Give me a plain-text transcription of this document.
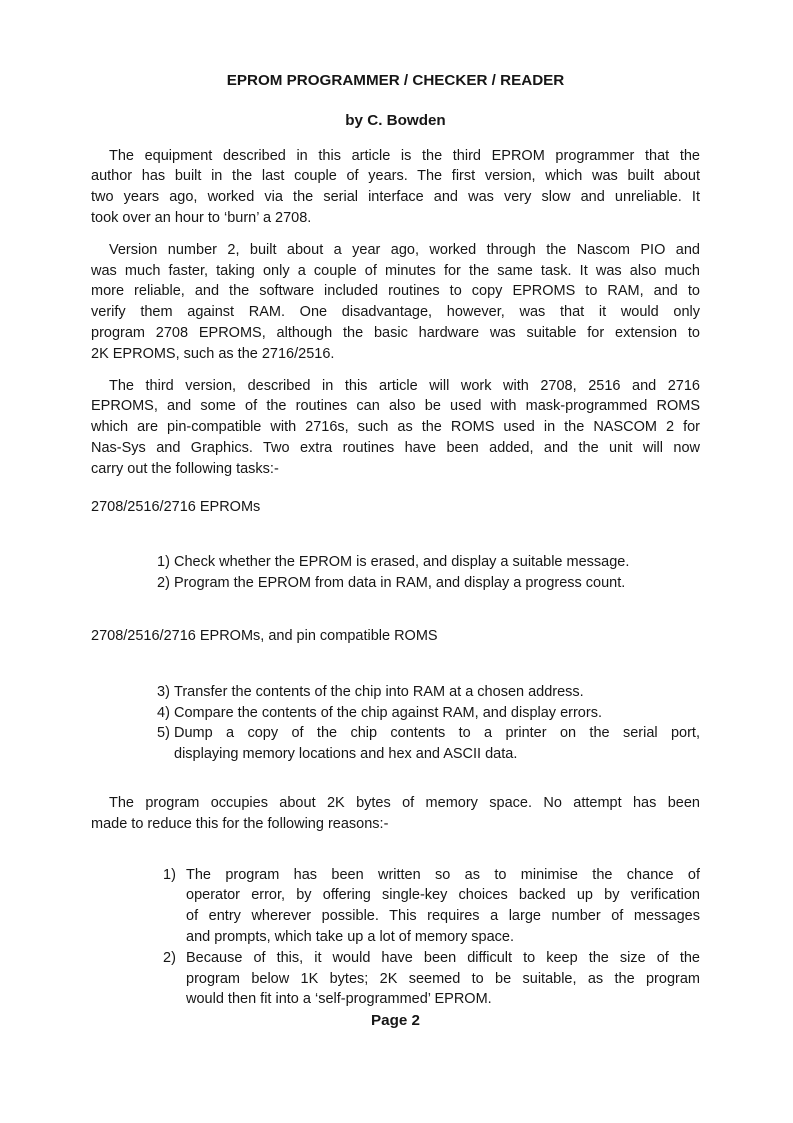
EPROM PROGRAMMER / CHECKER / READER
by C. Bowden
The equipment described in this article is the third EPROM programmer that the
author has built in the last couple of years. The first version, which was built about
two years ago, worked via the serial interface and was very slow and unreliable. It
took over an hour to ‘burn’ a 2708.
Version number 2, built about a year ago, worked through the Nascom PIO and
was much faster, taking only a couple of minutes for the same task. It was also much
more reliable, and the software included routines to copy EPROMS to RAM, and to
verify them against RAM. One disadvantage, however, was that it would only
program 2708 EPROMS, although the basic hardware was suitable for extension to
2K EPROMS, such as the 2716/2516.
The third version, described in this article will work with 2708, 2516 and 2716
EPROMS, and some of the routines can also be used with mask-programmed ROMS
which are pin-compatible with 2716s, such as the ROMS used in the NASCOM 2 for
Nas-Sys and Graphics. Two extra routines have been added, and the unit will now
carry out the following tasks:-
2708/2516/2716 EPROMs
1) Check whether the EPROM is erased, and display a suitable message.
2) Program the EPROM from data in RAM, and display a progress count.
2708/2516/2716 EPROMs, and pin compatible ROMS
3) Transfer the contents of the chip into RAM at a chosen address.
4) Compare the contents of the chip against RAM, and display errors.
5) Dump a copy of the chip contents to a printer on the serial port,
displaying memory locations and hex and ASCII data.
The program occupies about 2K bytes of memory space. No attempt has been
made to reduce this for the following reasons:-
1) The program has been written so as to minimise the chance of
operator error, by offering single-key choices backed up by verification
of entry wherever possible. This requires a large number of messages
and prompts, which take up a lot of memory space.
2) Because of this, it would have been difficult to keep the size of the
program below 1K bytes; 2K seemed to be suitable, as the program
would then fit into a ‘self-programmed’ EPROM.
Page 2
